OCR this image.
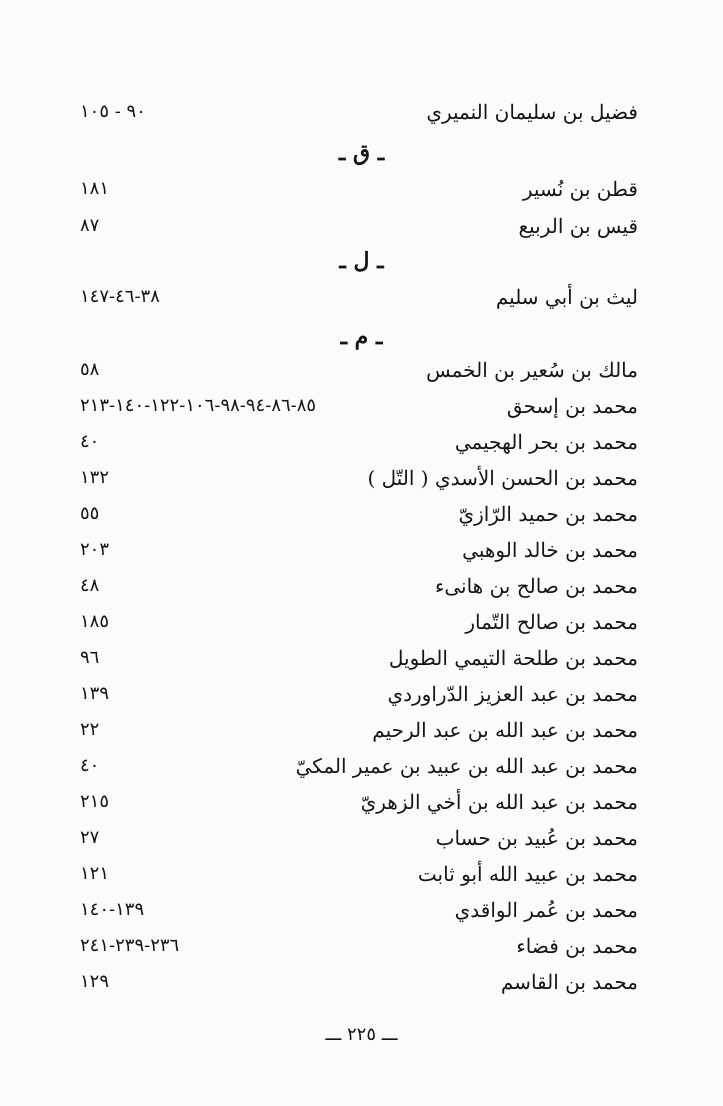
فضيل بن سليمان النميري
٩٠ - ١٠٥
ـ ق ـ
قطن بن نُسير
١٨١
قيس بن الربيع
٨٧
ـ ل ـ
ليث بن أبي سليم
٣٨-٤٦-١٤٧
ـ م ـ
مالك بن سُعير بن الخمس
٥٨
محمد بن إسحق
٨٥-٨٦-٩٤-٩٨-١٠٦-١٢٢-١٤٠-٢١٣
محمد بن بحر الهجيمي
٤٠
محمد بن الحسن الأسدي ( التّل )
١٣٢
محمد بن حميد الرّازيّ
٥٥
محمد بن خالد الوهبي
٢٠٣
محمد بن صالح بن هانىء
٤٨
محمد بن صالح التّمار
١٨٥
محمد بن طلحة التيمي الطويل
٩٦
محمد بن عبد العزيز الدّراوردي
١٣٩
محمد بن عبد الله بن عبد الرحيم
٢٢
محمد بن عبد الله بن عبيد بن عمير المكيّ
٤٠
محمد بن عبد الله بن أخي الزهريّ
٢١٥
محمد بن عُبيد بن حساب
٢٧
محمد بن عبيد الله أبو ثابت
١٢١
محمد بن عُمر الواقدي
١٣٩-١٤٠
محمد بن فضاء
٢٣٦-٢٣٩-٢٤١
محمد بن القاسم
١٢٩
ـــ ٢٢٥ ـــ
